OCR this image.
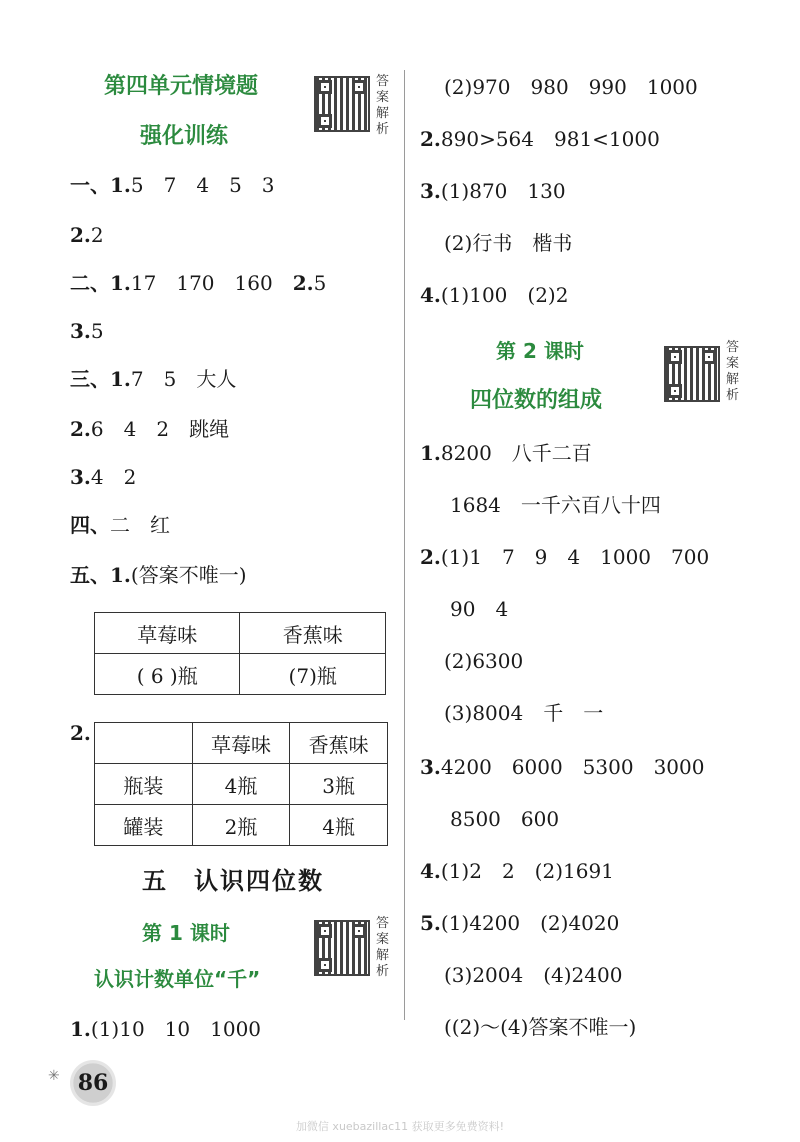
第四单元情境题
强化训练
答案解析
一、1.5　7　4　5　3
2.2
二、1.17　170　160　2.5
3.5
三、1.7　5　大人
2.6　4　2　跳绳
3.4　2
四、二　红
五、1.(答案不唯一)
草莓味	香蕉味
( 6 )瓶	(7)瓶
2.
		草莓味	香蕉味
瓶装	4瓶	3瓶
罐装	2瓶	4瓶
五　认识四位数
第 1 课时	答案解析
认识计数单位“千”
1.(1)10　10　1000
(2)970　980　990　1000
2.890>564　981<1000
3.(1)870　130
(2)行书　楷书
4.(1)100　(2)2
第 2 课时	答案解析
四位数的组成
1.8200　八千二百
1684　一千六百八十四
2.(1)1　7　9　4　1000　700
90　4
(2)6300
(3)8004　千　一
3.4200　6000　5300　3000
8500　600
4.(1)2　2　(2)1691
5.(1)4200　(2)4020
(3)2004　(4)2400
((2)～(4)答案不唯一)
✳ 86
加微信 xuebazillac11 获取更多免费资料!
